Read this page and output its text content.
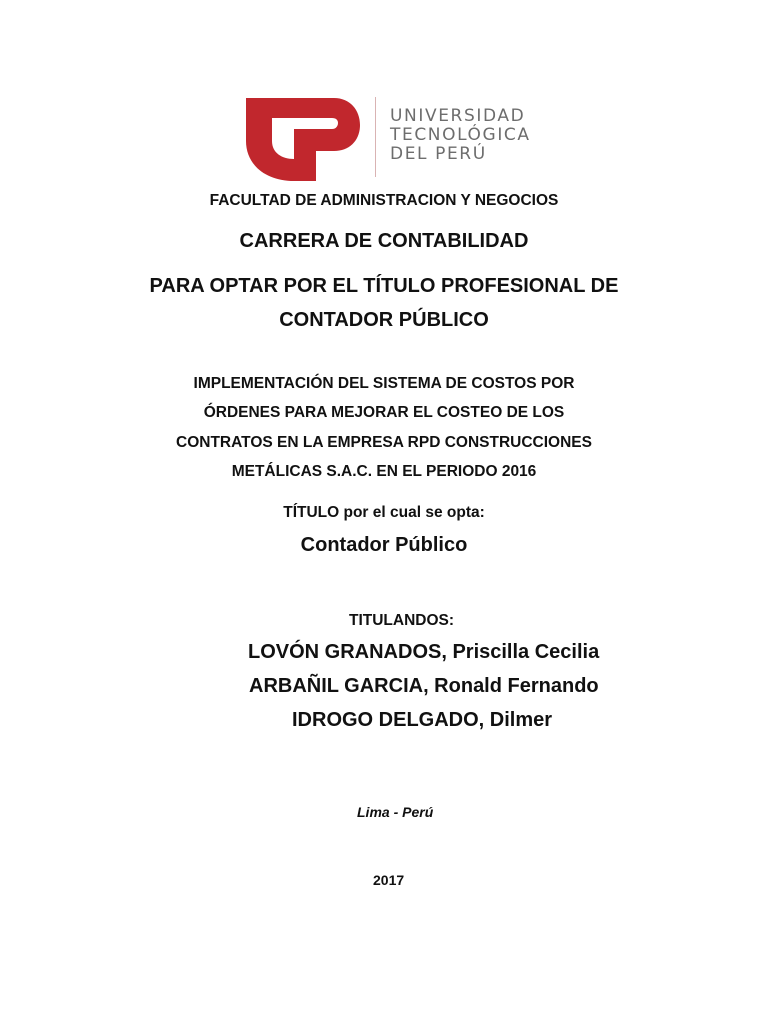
UNIVERSIDAD
TECNOLÓGICA
DEL PERÚ
FACULTAD DE ADMINISTRACION Y NEGOCIOS
CARRERA DE CONTABILIDAD
PARA OPTAR POR EL TÍTULO PROFESIONAL DE
CONTADOR PÚBLICO
IMPLEMENTACIÓN DEL SISTEMA DE COSTOS POR
ÓRDENES PARA MEJORAR EL COSTEO DE LOS
CONTRATOS EN LA EMPRESA RPD CONSTRUCCIONES
METÁLICAS S.A.C. EN EL PERIODO 2016
TÍTULO por el cual se opta:
Contador Público
TITULANDOS:
LOVÓN GRANADOS, Priscilla Cecilia
ARBAÑIL GARCIA, Ronald Fernando
IDROGO DELGADO, Dilmer
Lima - Perú
2017
